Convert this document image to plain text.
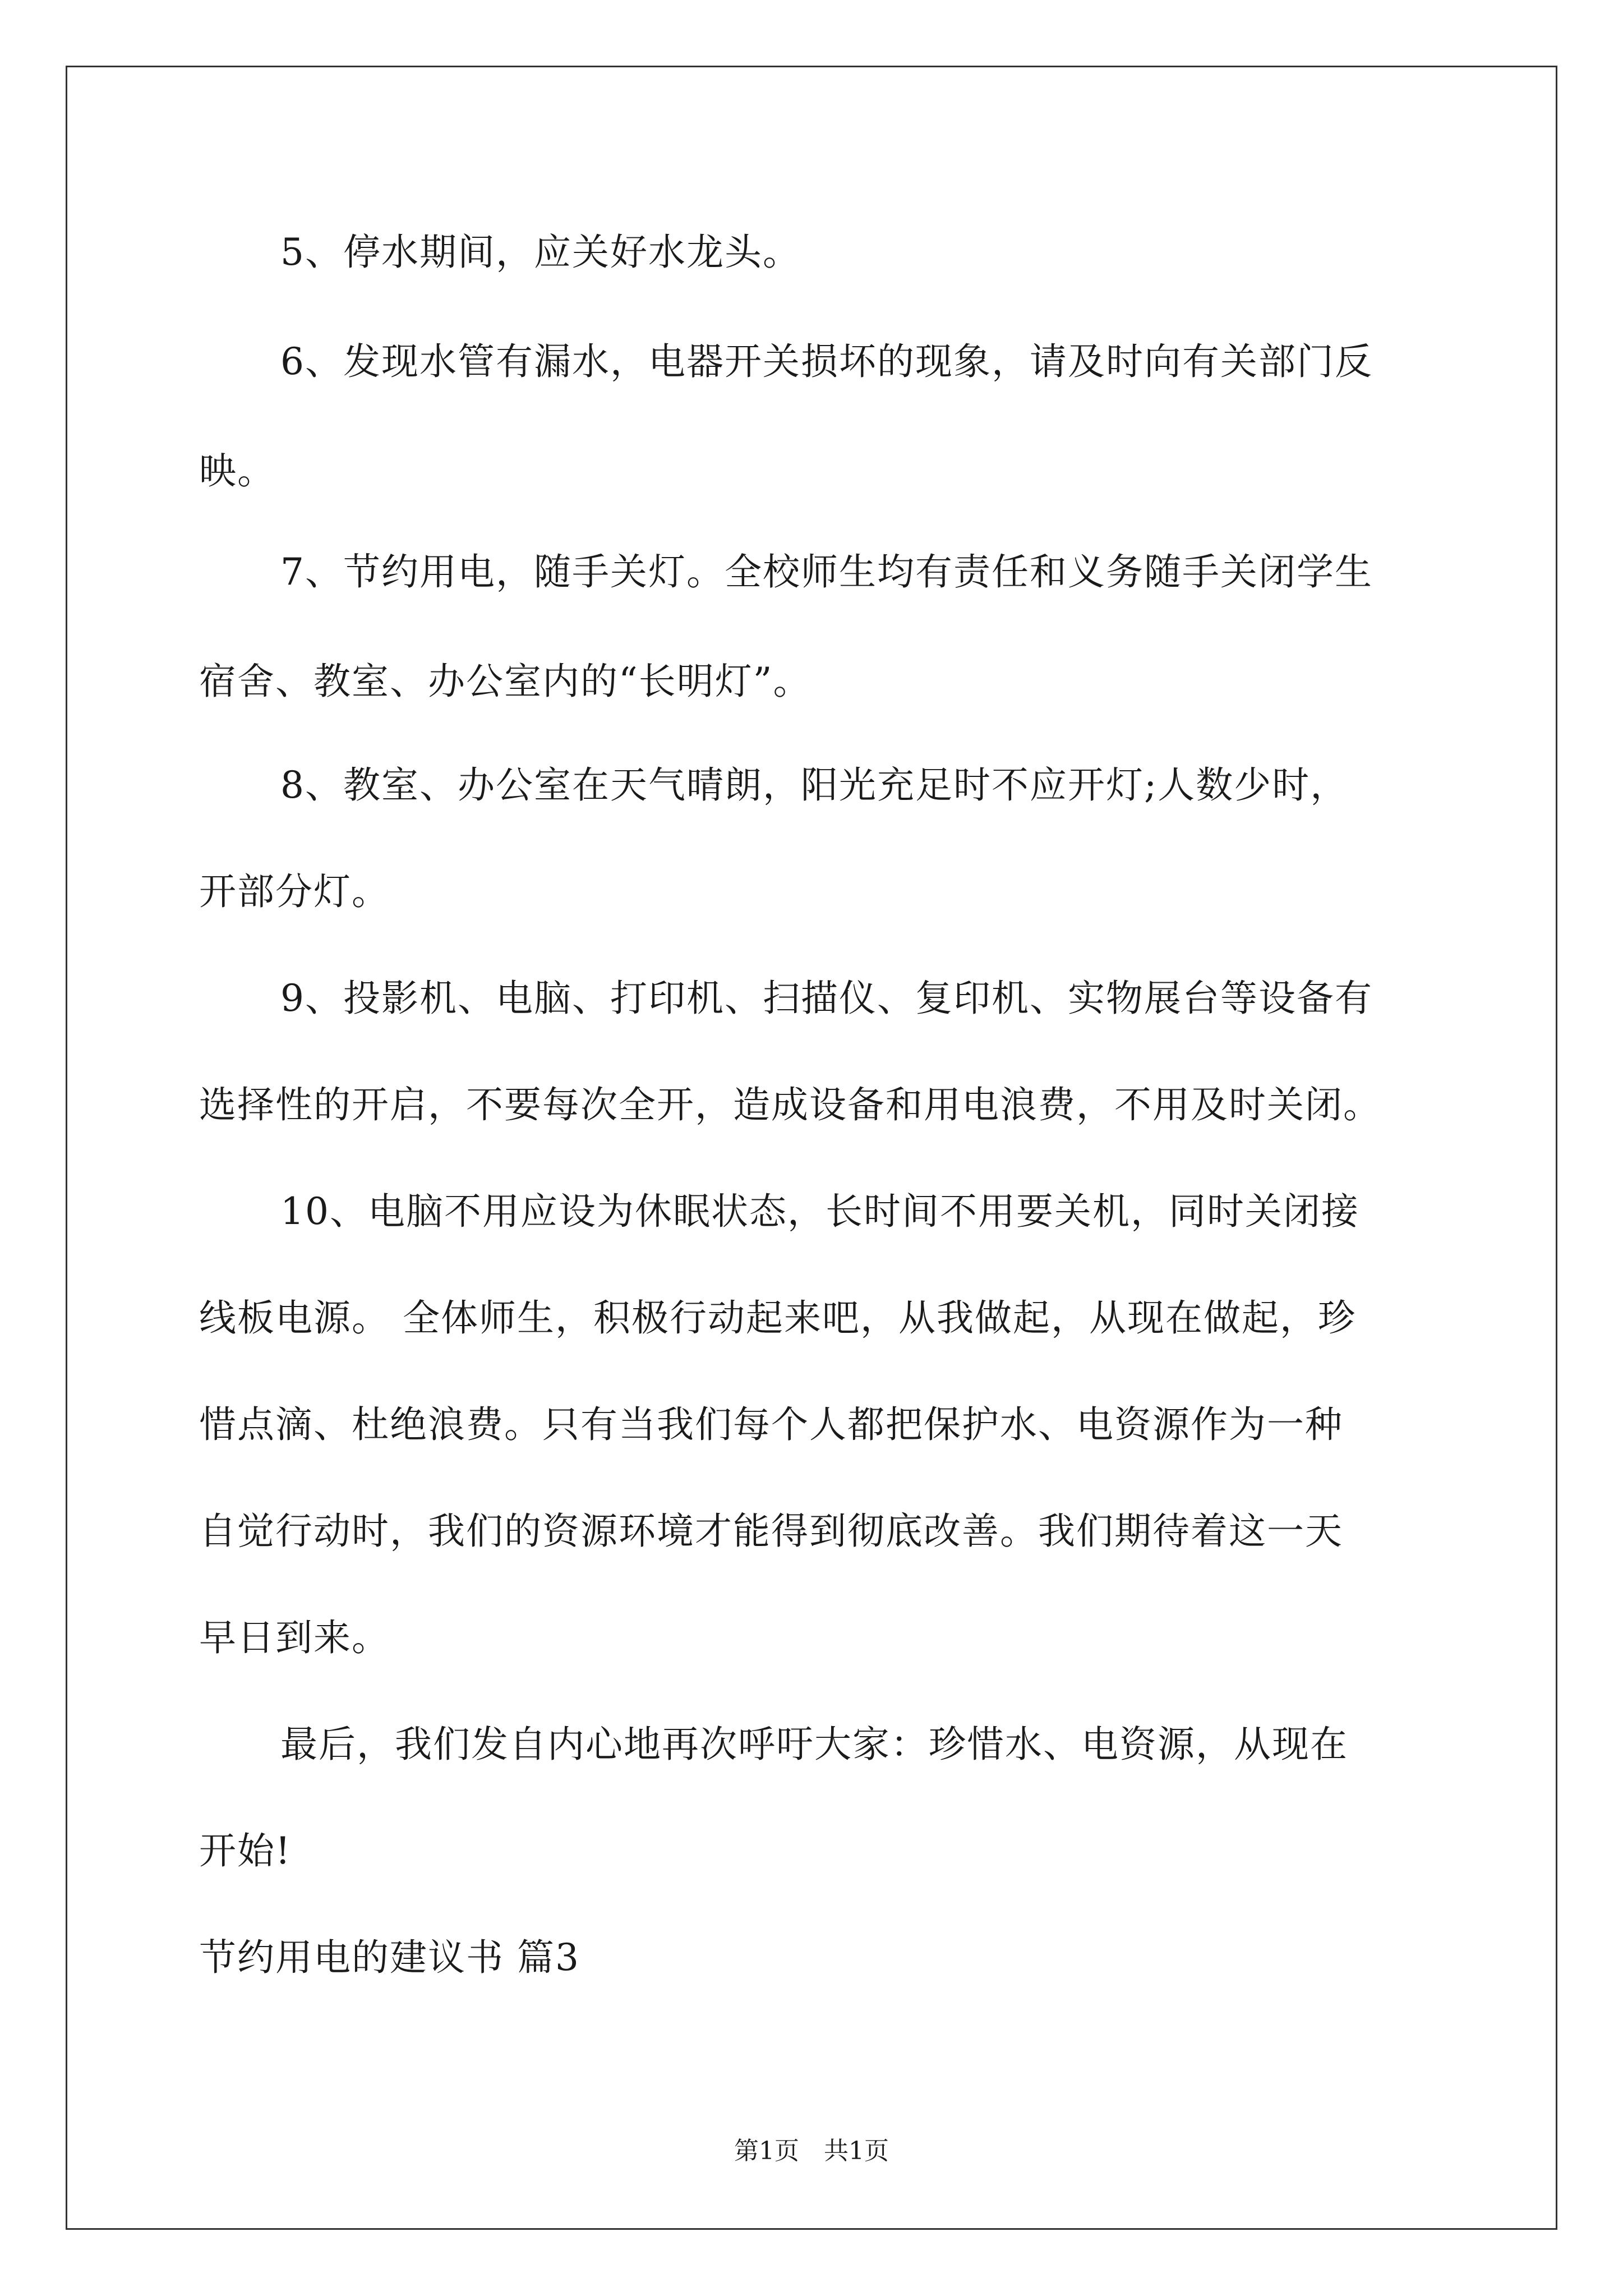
5、停水期间，应关好水龙头。
6、发现水管有漏水，电器开关损坏的现象，请及时向有关部门反
映。
7、节约用电，随手关灯。全校师生均有责任和义务随手关闭学生
宿舍、教室、办公室内的“长明灯”。
8、教室、办公室在天气晴朗，阳光充足时不应开灯;人数少时，
开部分灯。
9、投影机、电脑、打印机、扫描仪、复印机、实物展台等设备有
选择性的开启，不要每次全开，造成设备和用电浪费，不用及时关闭。
10、电脑不用应设为休眠状态，长时间不用要关机，同时关闭接
线板电源。 全体师生，积极行动起来吧，从我做起，从现在做起，珍
惜点滴、杜绝浪费。只有当我们每个人都把保护水、电资源作为一种
自觉行动时，我们的资源环境才能得到彻底改善。我们期待着这一天
早日到来。
最后，我们发自内心地再次呼吁大家：珍惜水、电资源，从现在
开始!
节约用电的建议书 篇3
第1页　共1页
